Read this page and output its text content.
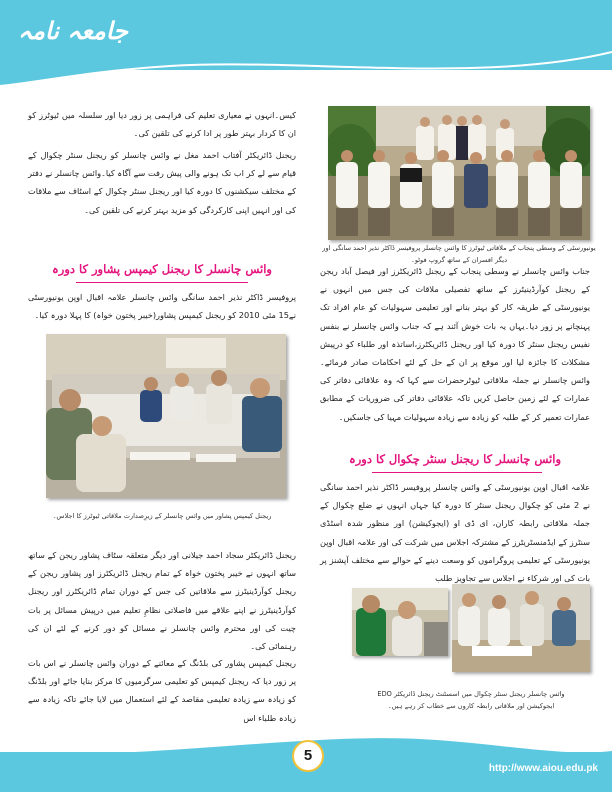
جامعہ نامہ
یونیورسٹی کے وسطی پنجاب کے ملاقاتی ٹیوٹرز کا وائس چانسلر پروفیسر ڈاکٹر نذیر احمد سانگی اور دیگر افسران کے ساتھ گروپ فوٹو۔
جناب وائس چانسلر نے وسطی پنجاب کے ریجنل ڈائریکٹرز اور فیصل آباد ریجن کے ریجنل کوآرڈینیٹرز کے ساتھ تفصیلی ملاقات کی جس میں انہوں نے یونیورسٹی کے طریقہ کار کو بہتر بنانے اور تعلیمی سہولیات کو عام افراد تک پہنچانے پر زور دیا۔یہاں یہ بات خوش آئند ہے کہ جناب وائس چانسلر نے بنفس نفیس ریجنل سنٹر کا دورہ کیا اور ریجنل ڈائریکٹرز،اساتذہ اور طلباء کو درپیش مشکلات کا جائزہ لیا اور موقع پر ان کے حل کے لئے احکامات صادر فرمائے۔ وائس چانسلر نے جملہ ملاقاتی ٹیوٹرحضرات سے کہا کہ وہ علاقائی دفاتر کی عمارات کے لئے زمین حاصل کریں تاکہ علاقائی دفاتر کی ضروریات کے مطابق عمارات تعمیر کر کے طلبہ کو زیادہ سے زیادہ سہولیات مہیا کی جاسکیں۔
وائس چانسلر کا ریجنل سنٹر چکوال کا دورہ
علامہ اقبال اوپن یونیورسٹی کے وائس چانسلر پروفیسر ڈاکٹر نذیر احمد سانگی نے 2 مئی کو چکوال ریجنل سنٹر کا دورہ کیا جہاں انہوں نے ضلع چکوال کے جملہ ملاقاتی رابطہ کاران، ای ڈی او (ایجوکیشن) اور منظور شدہ اسٹڈی سنٹرز کے ایڈمنسٹریٹرز کے مشترکہ اجلاس میں شرکت کی اور علامہ اقبال اوپن یونیورسٹی کے تعلیمی پروگراموں کو وسعت دینے کے حوالے سے مختلف آپشنز پر بات کی اور شرکاء نے اجلاس سے تجاویز طلب
وائس چانسلر ریجنل سنٹر چکوال میں اسسٹنٹ ریجنل ڈائریکٹر EDO
ایجوکیشن اور ملاقاتی رابطہ کاروں سے خطاب کر رہے ہیں۔
کیس۔انہوں نے معیاری تعلیم کی فراہمی پر زور دیا اور سلسلہ میں ٹیوٹرز کو ان کا کردار بہتر طور پر ادا کرنے کی تلقین کی۔
ریجنل ڈائریکٹر آفتاب احمد مغل نے وائس چانسلر کو ریجنل سنٹر چکوال کے قیام سے لے کر اب تک ہونے والی پیش رفت سے آگاہ کیا۔وائس چانسلر نے دفتر کے مختلف سیکشنوں کا دورہ کیا اور ریجنل سنٹر چکوال کے اسٹاف سے ملاقات کی اور انہیں اپنی کارکردگی کو مزید بہتر کرنے کی تلقین کی۔
وائس چانسلر کا ریجنل کیمپس پشاور کا دورہ
پروفیسر ڈاکٹر نذیر احمد سانگی وائس چانسلر علامہ اقبال اوپن یونیورسٹی نے15 مئی 2010 کو ریجنل کیمپس پشاور(خیبر پختون خواہ) کا پہلا دورہ کیا۔
ریجنل کیمپس پشاور میں وائس چانسلر کے زیرِصدارت ملاقاتی ٹیوٹرز کا اجلاس۔
ریجنل ڈائریکٹر سجاد احمد جیلانی اور دیگر متعلقہ سٹاف پشاور ریجن کے ساتھ ساتھ انہوں نے خیبر پختون خواہ کے تمام ریجنل ڈائریکٹرز اور پشاور ریجن کے ریجنل کوآرڈینیٹرز سے ملاقاتیں کی جس کے دوران تمام ڈائریکٹرز اور ریجنل کوآرڈینیٹرز نے اپنے علاقے میں فاصلاتی نظامِ تعلیم میں درپیش مسائل پر بات چیت کی اور محترم وائس چانسلر نے مسائل کو دور کرنے کے لئے ان کی رہنمائی کی۔
ریجنل کیمپس پشاور کی بلڈنگ کے معائنے کے دوران وائس چانسلر نے اس بات پر زور دیا کہ ریجنل کیمپس کو تعلیمی سرگرمیوں کا مرکز بنایا جائے اور بلڈنگ کو زیادہ سے زیادہ تعلیمی مقاصد کے لئے استعمال میں لایا جائے تاکہ زیادہ سے زیادہ طلباء اس
5
http://www.aiou.edu.pk
